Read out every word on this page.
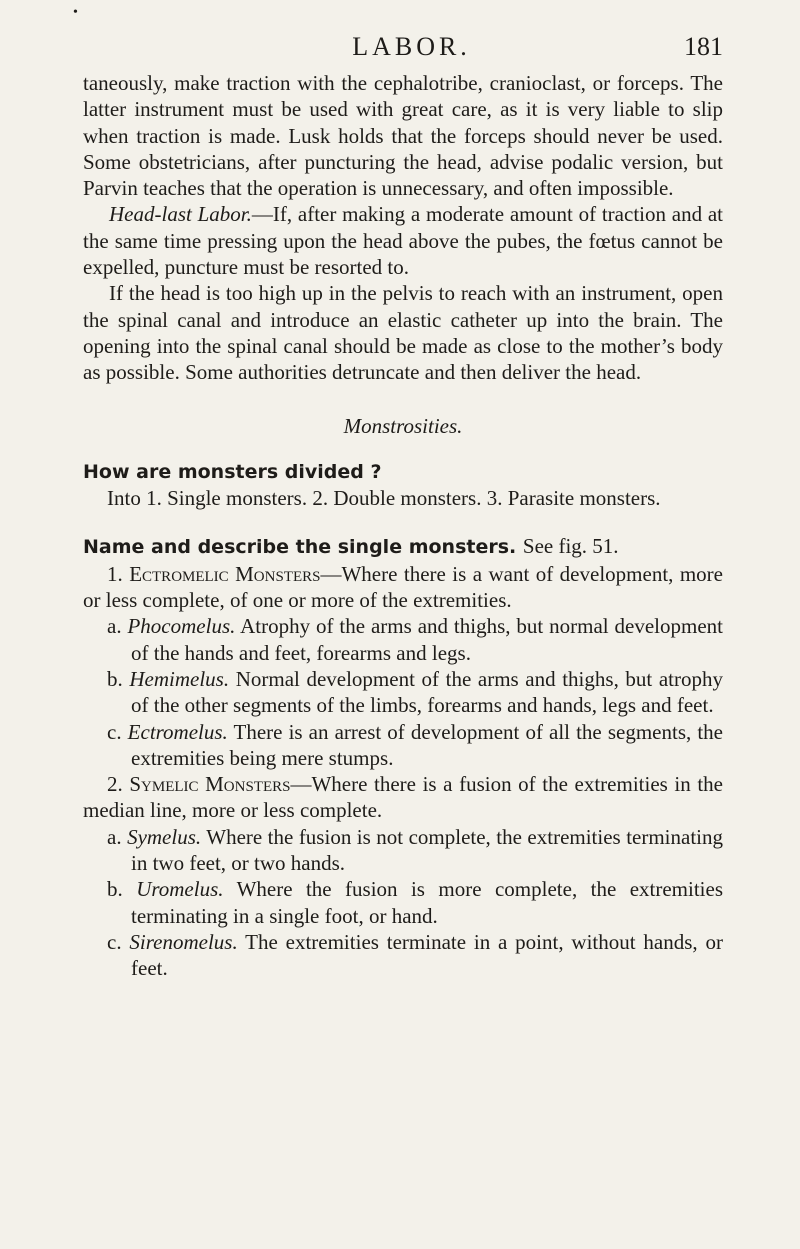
•
LABOR.	181

taneously, make traction with the cephalotribe, cranioclast, or forceps. The latter instrument must be used with great care, as it is very liable to slip when traction is made. Lusk holds that the forceps should never be used. Some obstetricians, after puncturing the head, advise podalic version, but Parvin teaches that the operation is unnecessary, and often impossible.

Head-last Labor.—If, after making a moderate amount of traction and at the same time pressing upon the head above the pubes, the fœtus cannot be expelled, puncture must be resorted to.

If the head is too high up in the pelvis to reach with an instrument, open the spinal canal and introduce an elastic catheter up into the brain. The opening into the spinal canal should be made as close to the mother’s body as possible. Some authorities detruncate and then deliver the head.

Monstrosities.

How are monsters divided ?

Into 1. Single monsters. 2. Double monsters. 3. Parasite monsters.

Name and describe the single monsters. See fig. 51.

1. Ectromelic Monsters—Where there is a want of development, more or less complete, of one or more of the extremities.

a. Phocomelus. Atrophy of the arms and thighs, but normal development of the hands and feet, forearms and legs.

b. Hemimelus. Normal development of the arms and thighs, but atrophy of the other segments of the limbs, forearms and hands, legs and feet.

c. Ectromelus. There is an arrest of development of all the segments, the extremities being mere stumps.

2. Symelic Monsters—Where there is a fusion of the extremities in the median line, more or less complete.

a. Symelus. Where the fusion is not complete, the extremities terminating in two feet, or two hands.

b. Uromelus. Where the fusion is more complete, the extremities terminating in a single foot, or hand.

c. Sirenomelus. The extremities terminate in a point, without hands, or feet.
